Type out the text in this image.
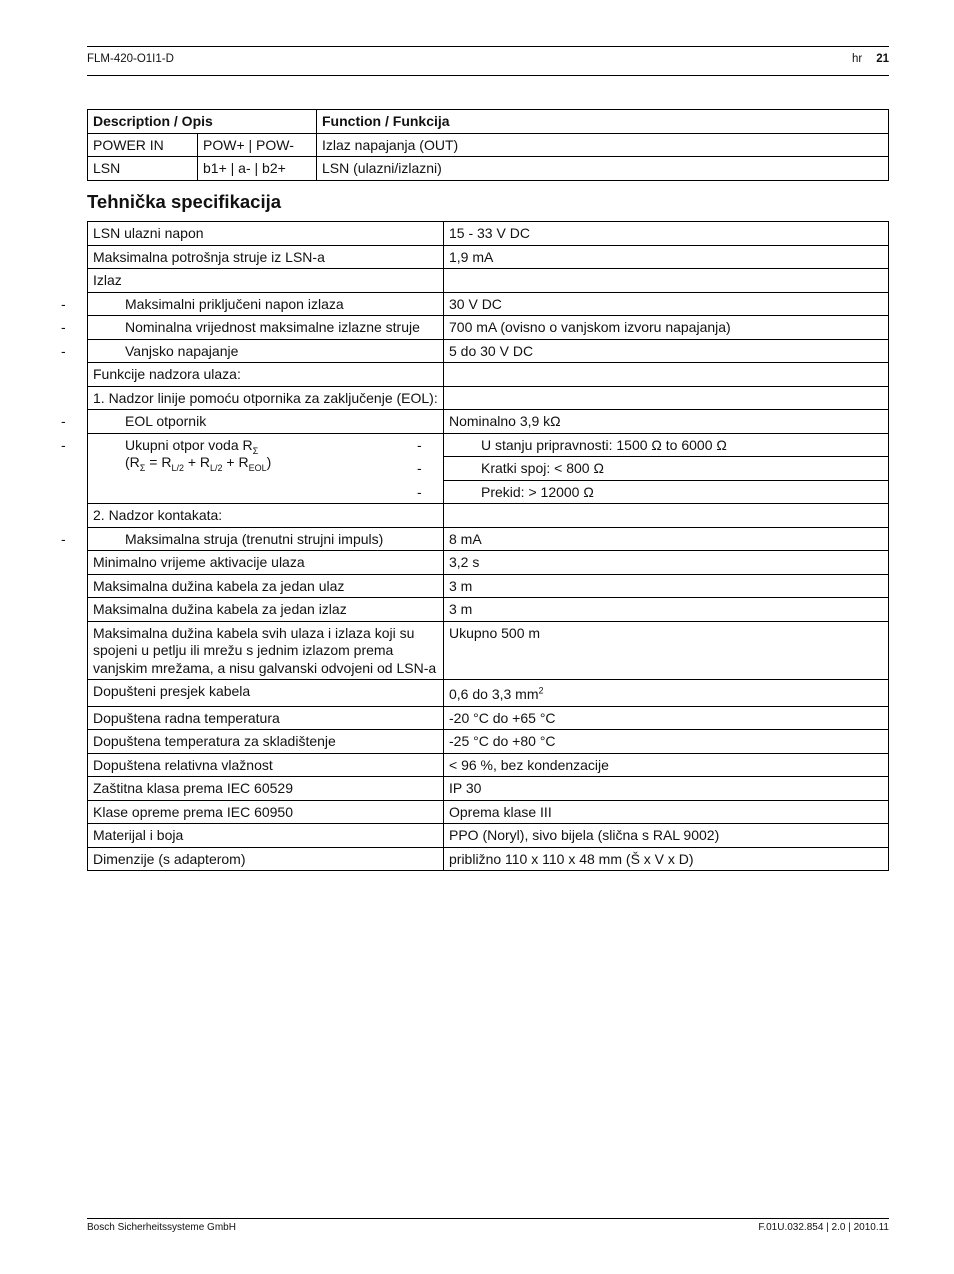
FLM-420-O1I1-D	hr 21
Description / Opis		Function / Funkcija
POWER IN	POW+ | POW-	Izlaz napajanja (OUT)
LSN	b1+ | a- | b2+	LSN (ulazni/izlazni)
Tehnička specifikacija
LSN ulazni napon	15 - 33 V DC
Maksimalna potrošnja struje iz LSN-a	1,9 mA
Izlaz	

- Maksimalni priključeni napon izlaza	30 V DC

- Nominalna vrijednost maksimalne izlazne struje	700 mA (ovisno o vanjskom izvoru napajanja)

- Vanjsko napajanje	5 do 30 V DC
Funkcije nadzora ulaza:	
1. Nadzor linije pomoću otpornika za zaključenje (EOL):	

- EOL otpornik	Nominalno 3,9 kΩ

- Ukupni otpor voda $R_\Sigma$
$(R_\Sigma = R_{L/2} + R_{L/2} + R_{EOL})$	- U stanju pripravnosti: 1500 Ω to 6000 Ω

	- Kratki spoj: < 800 Ω

	- Prekid: > 12000 Ω

2. Nadzor kontakata:	

- Maksimalna struja (trenutni strujni impuls)	8 mA
Minimalno vrijeme aktivacije ulaza	3,2 s
Maksimalna dužina kabela za jedan ulaz	3 m
Maksimalna dužina kabela za jedan izlaz	3 m
Maksimalna dužina kabela svih ulaza i izlaza koji su spojeni u petlju ili mrežu s jednim izlazom prema vanjskim mrežama, a nisu galvanski odvojeni od LSN-a	Ukupno 500 m
Dopušteni presjek kabela	0,6 do 3,3 $mm^2$
Dopuštena radna temperatura	-20 °C do +65 °C
Dopuštena temperatura za skladištenje	-25 °C do +80 °C
Dopuštena relativna vlažnost	< 96 %, bez kondenzacije
Zaštitna klasa prema IEC 60529	IP 30
Klase opreme prema IEC 60950	Oprema klase III
Materijal i boja	PPO (Noryl), sivo bijela (slična s RAL 9002)
Dimenzije (s adapterom)	približno 110 x 110 x 48 mm (Š x V x D)
Bosch Sicherheitssysteme GmbH	F.01U.032.854 | 2.0 | 2010.11
